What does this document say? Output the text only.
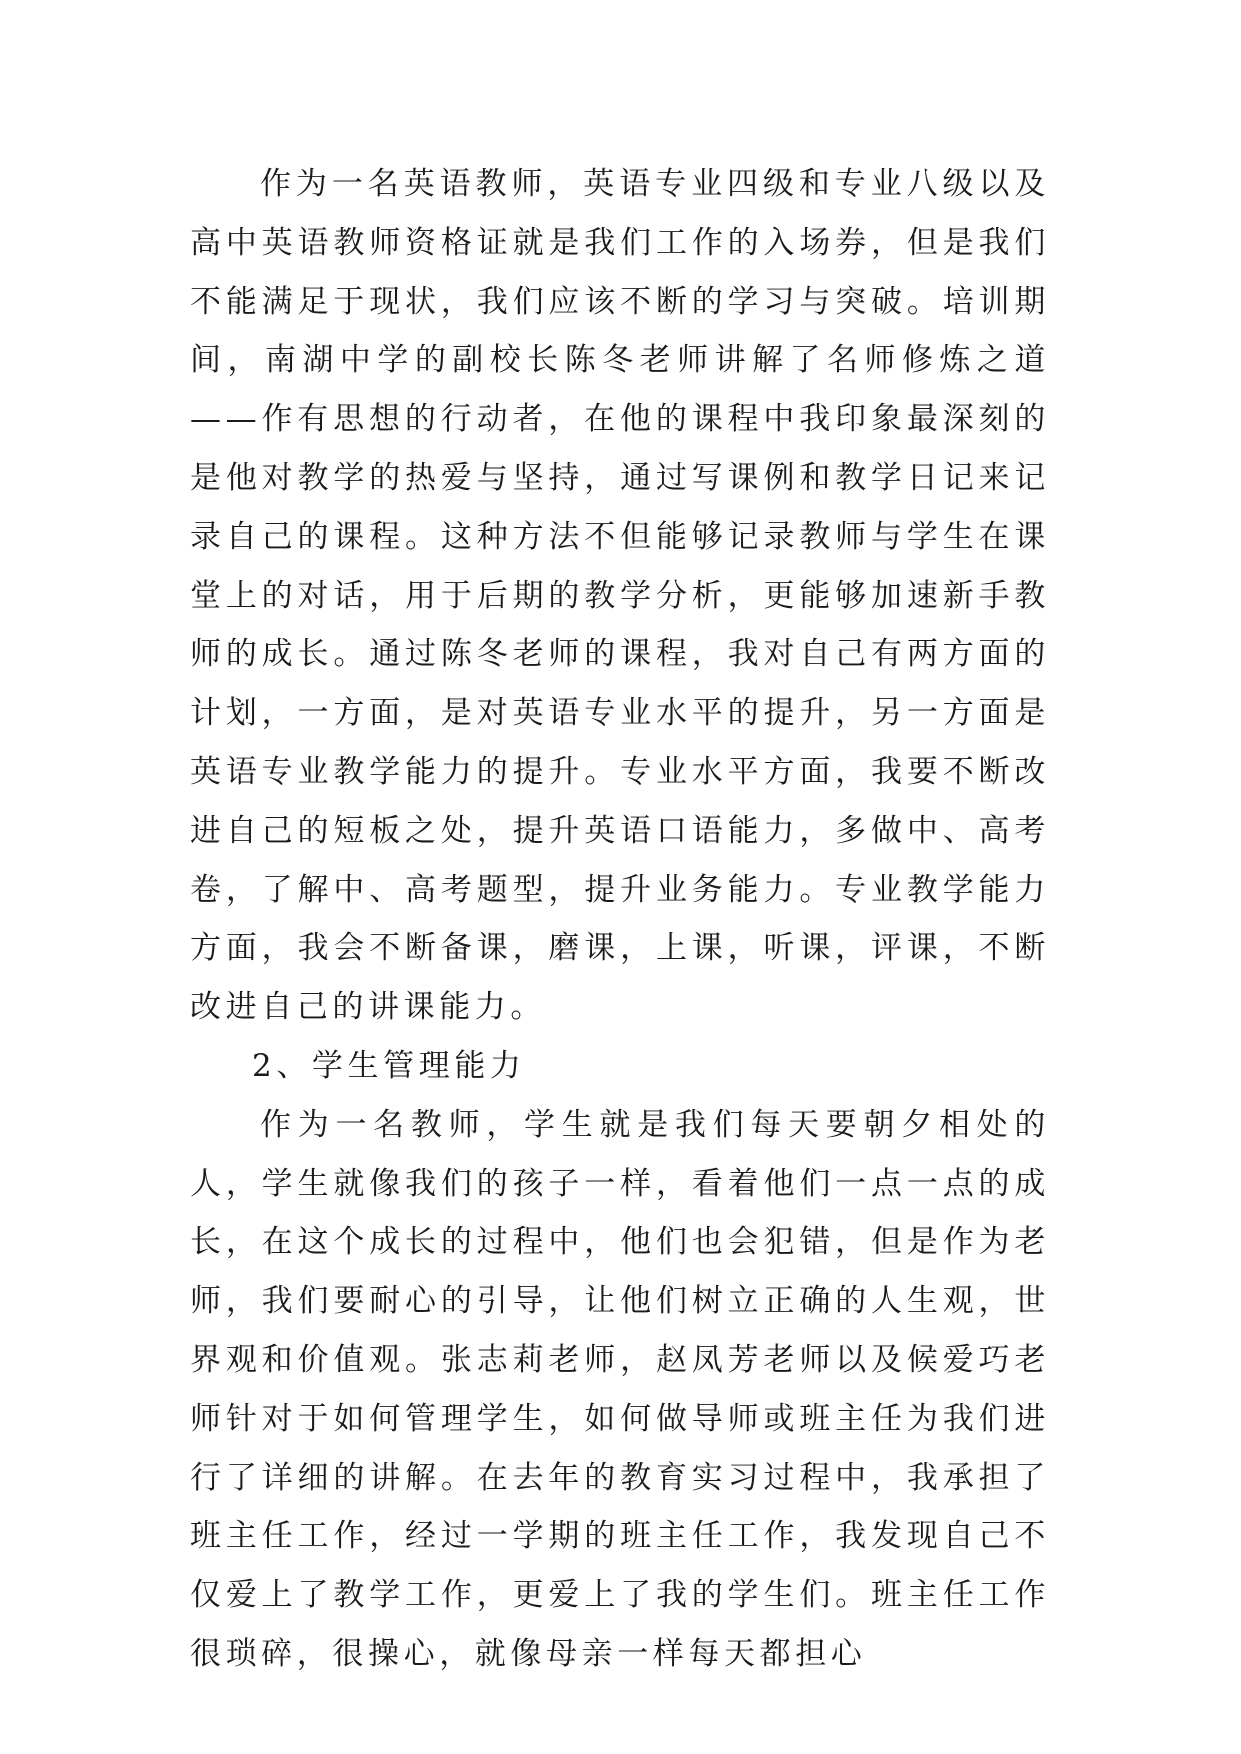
作为一名英语教师，英语专业四级和专业八级以及高中英语教师资格证就是我们工作的入场券，但是我们不能满足于现状，我们应该不断的学习与突破。培训期间，南湖中学的副校长陈冬老师讲解了名师修炼之道——作有思想的行动者，在他的课程中我印象最深刻的是他对教学的热爱与坚持，通过写课例和教学日记来记录自己的课程。这种方法不但能够记录教师与学生在课堂上的对话，用于后期的教学分析，更能够加速新手教师的成长。通过陈冬老师的课程，我对自己有两方面的计划，一方面，是对英语专业水平的提升，另一方面是英语专业教学能力的提升。专业水平方面，我要不断改进自己的短板之处，提升英语口语能力，多做中、高考卷，了解中、高考题型，提升业务能力。专业教学能力方面，我会不断备课，磨课，上课，听课，评课，不断改进自己的讲课能力。

2、学生管理能力

作为一名教师，学生就是我们每天要朝夕相处的人，学生就像我们的孩子一样，看着他们一点一点的成长，在这个成长的过程中，他们也会犯错，但是作为老师，我们要耐心的引导，让他们树立正确的人生观，世界观和价值观。张志莉老师，赵凤芳老师以及候爱巧老师针对于如何管理学生，如何做导师或班主任为我们进行了详细的讲解。在去年的教育实习过程中，我承担了班主任工作，经过一学期的班主任工作，我发现自己不仅爱上了教学工作，更爱上了我的学生们。班主任工作很琐碎，很操心，就像母亲一样每天都担心
